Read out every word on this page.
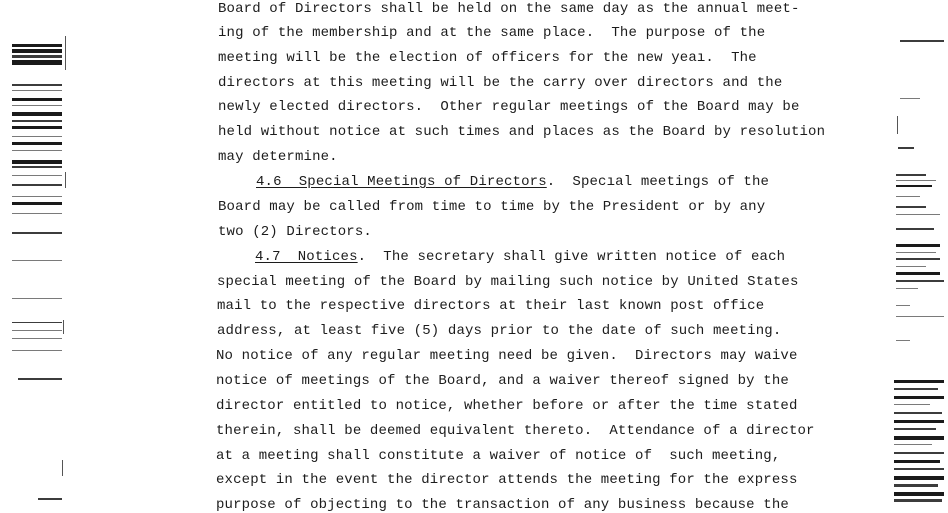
Board of Directors shall be held on the same day as the annual meet-
ing of the membership and at the same place.  The purpose of the
meeting will be the election of officers for the new yeaı.  The
directors at this meeting will be the carry over directors and the
newly elected directors.  Other regular meetings of the Board may be
held without notice at such times and places as the Board by resolution
may determine.
4.6  Special Meetings of Directors.  Specıal meetings of the
Board may be called from time to time by the President or by any
two (2) Directors.
4.7  Notices.  The secretary shall give written notice of each
special meeting of the Board by mailing such notice by United States
mail to the respective directors at their last known post office
address, at least five (5) days prior to the date of such meeting.
No notice of any regular meeting need be given.  Directors may waive
notice of meetings of the Board, and a waiver thereof signed by the
director entitled to notice, whether before or after the time stated
therein, shall be deemed equivalent thereto.  Attendance of a director
at a meeting shall constitute a waiver of notice of  such meeting,
except in the event the director attends the meeting for the express
purpose of objecting to the transaction of any business because the
